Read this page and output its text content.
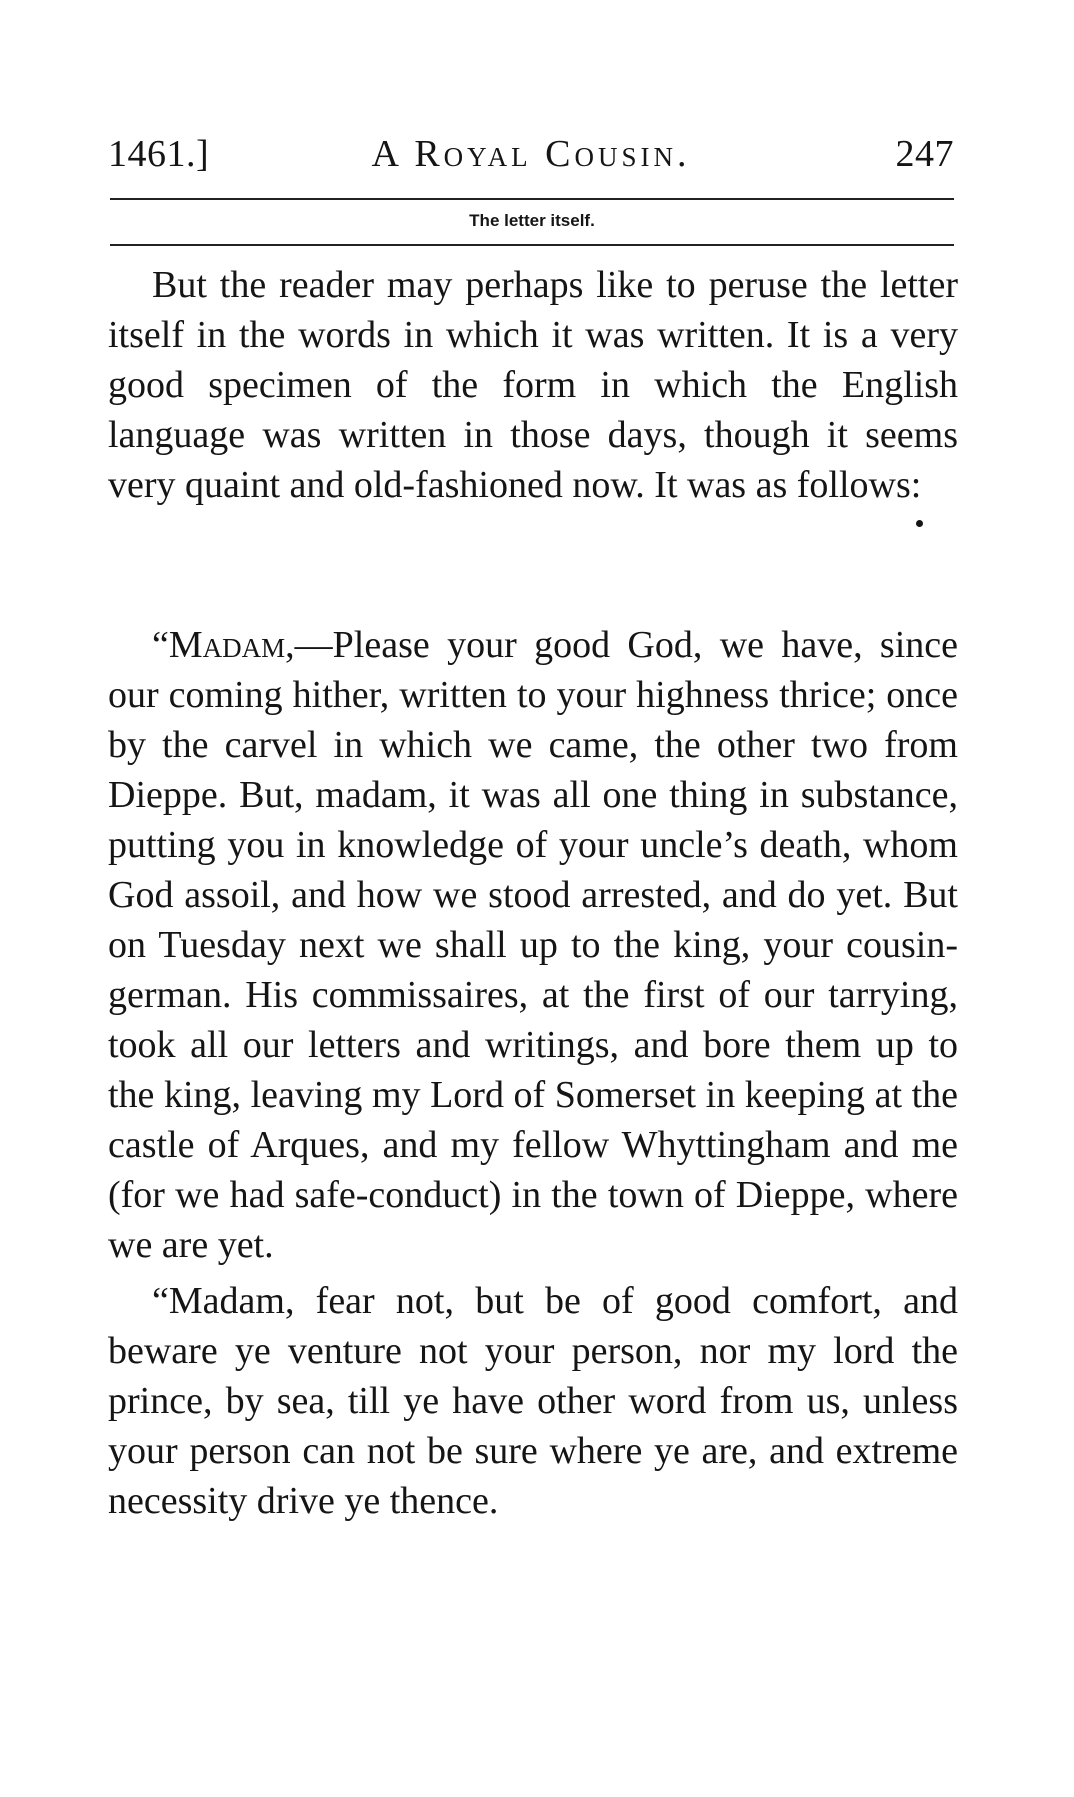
1461.]	A Royal Cousin.	247
The letter itself.

But the reader may perhaps like to peruse the letter itself in the words in which it was written. It is a very good specimen of the form in which the English language was written in those days, though it seems very quaint and old-fashioned now. It was as follows:

“Madam,—Please your good God, we have, since our coming hither, written to your highness thrice; once by the carvel in which we came, the other two from Dieppe. But, madam, it was all one thing in substance, putting you in knowledge of your uncle’s death, whom God assoil, and how we stood arrested, and do yet. But on Tuesday next we shall up to the king, your cousin-german. His commissaires, at the first of our tarrying, took all our letters and writings, and bore them up to the king, leaving my Lord of Somerset in keeping at the castle of Arques, and my fellow Whyttingham and me (for we had safe-conduct) in the town of Dieppe, where we are yet.

“Madam, fear not, but be of good comfort, and beware ye venture not your person, nor my lord the prince, by sea, till ye have other word from us, unless your person can not be sure where ye are, and extreme necessity drive ye thence.
